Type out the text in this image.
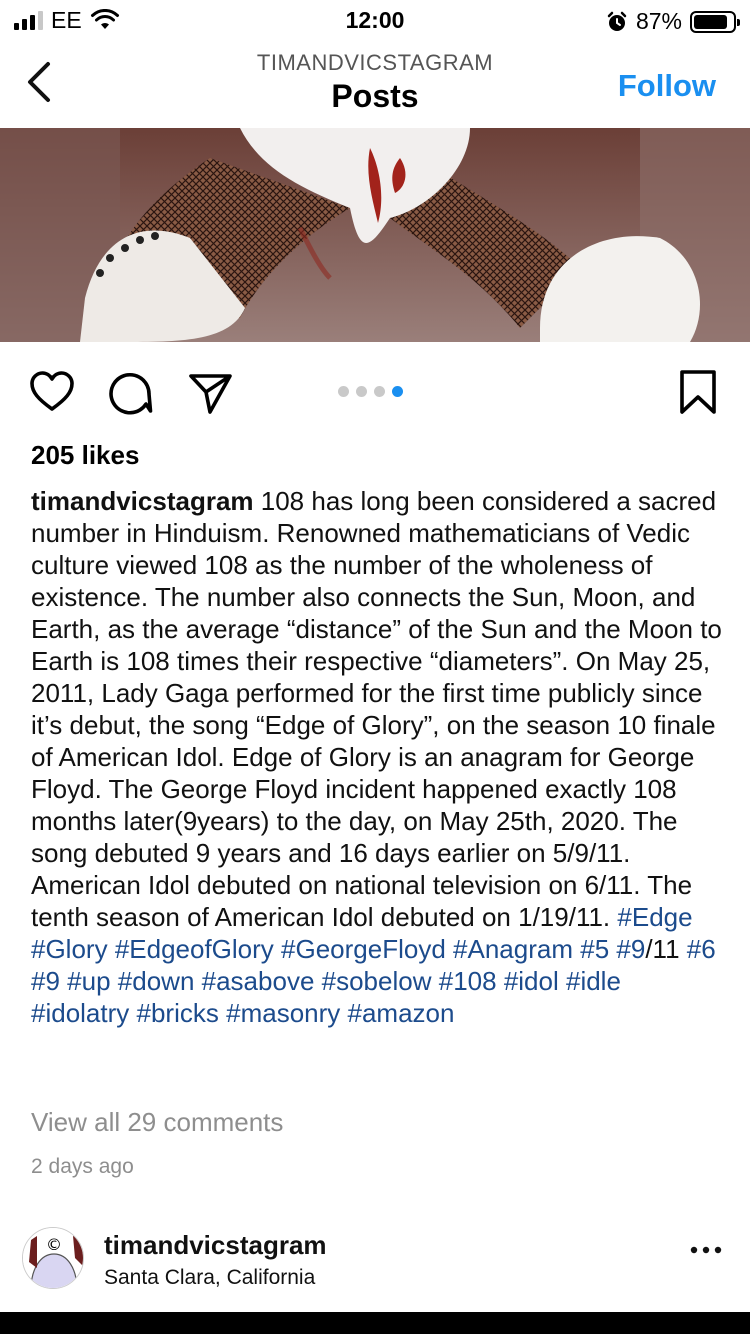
EE	12:00	87%
TIMANDVICSTAGRAM
Posts	Follow
205 likes
timandvicstagram 108 has long been considered a sacred number in Hinduism. Renowned mathematicians of Vedic culture viewed 108 as the number of the wholeness of existence. The number also connects the Sun, Moon, and Earth, as the average “distance” of the Sun and the Moon to Earth is 108 times their respective “diameters”. On May 25, 2011, Lady Gaga performed for the first time publicly since it’s debut, the song “Edge of Glory”, on the season 10 finale of American Idol. Edge of Glory is an anagram for George Floyd. The George Floyd incident happened exactly 108 months later(9years) to the day, on May 25th, 2020. The song debuted 9 years and 16 days earlier on 5/9/11. American Idol debuted on national television on 6/11. The tenth season of American Idol debuted on 1/19/11. #Edge #Glory #EdgeofGlory #GeorgeFloyd #Anagram #5 #9/11 #6 #9 #up #down #asabove #sobelow #108 #idol #idle #idolatry #bricks #masonry #amazon
View all 29 comments
2 days ago
© timandvicstagram
Santa Clara, California
